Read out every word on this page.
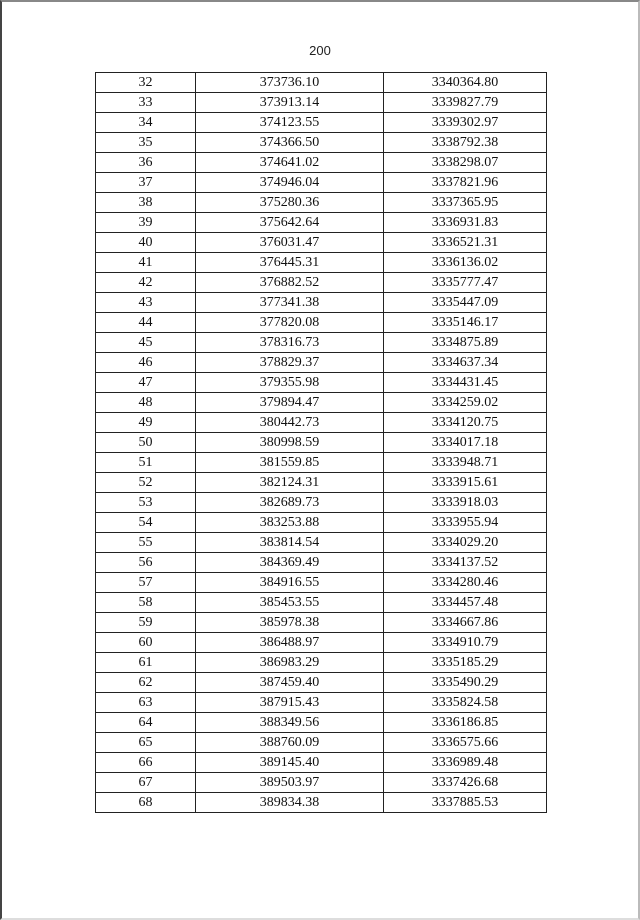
200
32	373736.10	3340364.80
33	373913.14	3339827.79
34	374123.55	3339302.97
35	374366.50	3338792.38
36	374641.02	3338298.07
37	374946.04	3337821.96
38	375280.36	3337365.95
39	375642.64	3336931.83
40	376031.47	3336521.31
41	376445.31	3336136.02
42	376882.52	3335777.47
43	377341.38	3335447.09
44	377820.08	3335146.17
45	378316.73	3334875.89
46	378829.37	3334637.34
47	379355.98	3334431.45
48	379894.47	3334259.02
49	380442.73	3334120.75
50	380998.59	3334017.18
51	381559.85	3333948.71
52	382124.31	3333915.61
53	382689.73	3333918.03
54	383253.88	3333955.94
55	383814.54	3334029.20
56	384369.49	3334137.52
57	384916.55	3334280.46
58	385453.55	3334457.48
59	385978.38	3334667.86
60	386488.97	3334910.79
61	386983.29	3335185.29
62	387459.40	3335490.29
63	387915.43	3335824.58
64	388349.56	3336186.85
65	388760.09	3336575.66
66	389145.40	3336989.48
67	389503.97	3337426.68
68	389834.38	3337885.53
